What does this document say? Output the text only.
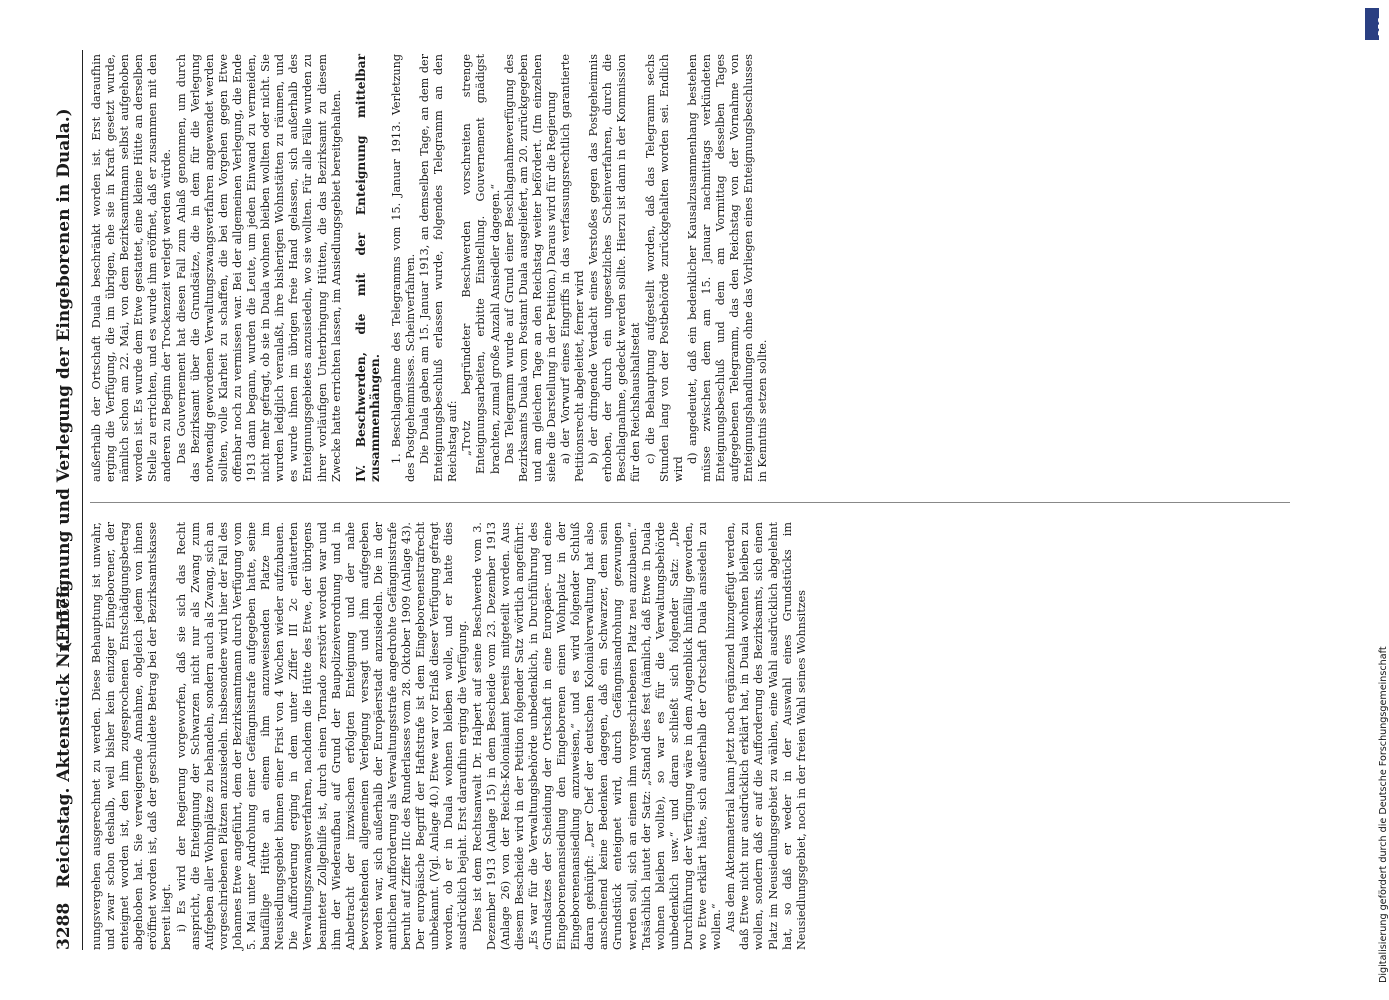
3288
Reichstag. Aktenstück Nr. 1576.
(Enteignung und Verlegung der Eingeborenen in Duala.)

nungsvergehen ausgerechnet zu werden. Diese Behauptung ist unwahr, und zwar schon deshalb, weil bisher kein einziger Eingeborener, der enteignet worden ist, den ihm zugesprochenen Entschädigungsbetrag abgehoben hat. Sie verweigernde Annahme, obgleich jedem von ihnen eröffnet worden ist, daß der geschuldete Betrag bei der Bezirksamtskasse bereit liegt. i) Es wird der Regierung vorgeworfen, daß sie sich das Recht anspricht, die Enteignung der Schwarzen nicht nur als Zwang zum Aufgeben aller Wohnplätze zu behandeln, sondern auch als Zwang, sich an vorgeschriebenen Plätzen anzusiedeln. Insbesondere wird hier der Fall des Johannes Etwe angeführt, dem der Bezirksamtmann durch Verfügung vom 5. Mai unter Androhung einer Gefängnisstrafe aufgegeben hatte, seine baufällige Hütte an einem ihm anzuweisenden Platze im Neusiedlungsgebiet binnen einer Frist von 4 Wochen wieder aufzubauen. Die Aufforderung erging in dem unter Ziffer III 2c erläuterten Verwaltungszwangsverfahren, nachdem die Hütte des Etwe, der übrigens beamteter Zollgehilfe ist, durch einen Tornado zerstört worden war und ihm der Wiederaufbau auf Grund der Baupolizeiverordnung und in Anbetracht der inzwischen erfolgten Enteignung und der nahe bevorstehenden allgemeinen Verlegung versagt und ihm aufgegeben worden war, sich außerhalb der Europäerstadt anzusiedeln. Die in der amtlichen Aufforderung als Verwaltungsstrafe angedrohte Gefängnisstrafe beruht auf Ziffer IIIc des Runderlasses vom 28. Oktober 1909 (Anlage 43). Der europäische Begriff der Haftstrafe ist dem Eingeborenenstrafrecht unbekannt. (Vgl. Anlage 40.) Etwe war vor Erlaß dieser Verfügung gefragt worden, ob er in Duala wohnen bleiben wolle, und er hatte dies ausdrücklich bejaht. Erst daraufhin erging die Verfügung. Dies ist dem Rechtsanwalt Dr. Halpert auf seine Beschwerde vom 3. Dezember 1913 (Anlage 15) in dem Bescheide vom 23. Dezember 1913 (Anlage 26) von der Reichs-Kolonialamt bereits mitgeteilt worden. Aus diesem Bescheide wird in der Petition folgender Satz wörtlich angeführt: „Es war für die Verwaltungsbehörde unbedenklich, in Durchführung des Grundsatzes der Scheidung der Ortschaft in eine Europäer- und eine Eingeborenenansiedlung den Eingeborenen einen Wohnplatz in der Eingeborenenansiedlung anzuweisen,“ und es wird folgender Schluß daran geknüpft: „Der Chef der deutschen Kolonialverwaltung hat also anscheinend keine Bedenken dagegen, daß ein Schwarzer, dem sein Grundstück enteignet wird, durch Gefängnisandrohung gezwungen werden soll, sich an einem ihm vorgeschriebenen Platz neu anzubauen.“ Tatsächlich lautet der Satz: „Stand dies fest (nämlich, daß Etwe in Duala wohnen bleiben wollte), so war es für die Verwaltungsbehörde unbedenklich usw.“ und daran schließt sich folgender Satz: „Die Durchführung der Verfügung wäre in dem Augenblick hinfällig geworden, wo Etwe erklärt hätte, sich außerhalb der Ortschaft Duala ansiedeln zu wollen.“ Aus dem Aktenmaterial kann jetzt noch ergänzend hinzugefügt werden, daß Etwe nicht nur ausdrücklich erklärt hat, in Duala wohnen bleiben zu wollen, sondern daß er auf die Aufforderung des Bezirksamts, sich einen Platz im Neusiedlungsgebiet zu wählen, eine Wahl ausdrücklich abgelehnt hat, so daß er weder in der Auswahl eines Grundstücks im Neusiedlungsgebiet, noch in der freien Wahl seines Wohnsitzes

außerhalb der Ortschaft Duala beschränkt worden ist. Erst daraufhin erging die Verfügung, die im übrigen, ehe sie in Kraft gesetzt wurde, nämlich schon am 22. Mai, von dem Bezirksamtmann selbst aufgehoben worden ist. Es wurde dem Etwe gestattet, eine kleine Hütte an derselben Stelle zu errichten, und es wurde ihm eröffnet, daß er zusammen mit den anderen zu Beginn der Trockenzeit verlegt werden würde. Das Gouvernement hat diesen Fall zum Anlaß genommen, um durch das Bezirksamt über die Grundsätze, die in dem für die Verlegung notwendig gewordenen Verwaltungszwangsverfahren angewendet werden sollten, volle Klarheit zu schaffen, die bei dem Vorgehen gegen Etwe offenbar noch zu vermissen war. Bei der allgemeinen Verlegung, die Ende 1913 dann begann, wurden die Leute, um jeden Einwand zu vermeiden, nicht mehr gefragt, ob sie in Duala wohnen bleiben wollten oder nicht. Sie wurden lediglich veranlaßt, ihre bisherigen Wohnstätten zu räumen, und es wurde ihnen im übrigen freie Hand gelassen, sich außerhalb des Enteignungsgebietes anzusiedeln, wo sie wollten. Für alle Fälle wurden zu ihrer vorläufigen Unterbringung Hütten, die das Bezirksamt zu diesem Zwecke hatte errichten lassen, im Ansiedlungsgebiet bereitgehalten. IV. Beschwerden, die mit der Enteignung mittelbar zusammenhängen. 1. Beschlagnahme des Telegramms vom 15. Januar 1913. Verletzung des Postgeheimnisses. Scheinverfahren. Die Duala gaben am 15. Januar 1913, an demselben Tage, an dem der Enteignungsbeschluß erlassen wurde, folgendes Telegramm an den Reichstag auf: „Trotz begründeter Beschwerden vorschreiten strenge Enteignungsarbeiten, erbitte Einstellung. Gouvernement gnädigst brachten, zumal große Anzahl Ansiedler dagegen.“ Das Telegramm wurde auf Grund einer Beschlagnahmeverfügung des Bezirksamts Duala vom Postamt Duala ausgeliefert, am 20. zurückgegeben und am gleichen Tage an den Reichstag weiter befördert. (Im einzelnen siehe die Darstellung in der Petition.) Daraus wird für die Regierung a) der Vorwurf eines Eingriffs in das verfassungsrechtlich garantierte Petitionsrecht abgeleitet, ferner wird b) der dringende Verdacht eines Verstoßes gegen das Postgeheimnis erhoben, der durch ein ungesetzliches Scheinverfahren, durch die Beschlagnahme, gedeckt werden sollte. Hierzu ist dann in der Kommission für den Reichshaushaltsetat c) die Behauptung aufgestellt worden, daß das Telegramm sechs Stunden lang von der Postbehörde zurückgehalten worden sei. Endlich wird

d) angedeutet, daß ein bedenklicher Kausalzusammenhang bestehen müsse zwischen dem am 15. Januar nachmittags verkündeten Enteignungsbeschluß und dem am Vormittag desselben Tages aufgegebenen Telegramm, das den Reichstag von der Vornahme von Enteignungshandlungen ohne das Vorliegen eines Enteignungsbeschlusses in Kenntnis setzen sollte.

DFG
Digitalisierung gefördert durch die Deutsche Forschungsgemeinschaft
